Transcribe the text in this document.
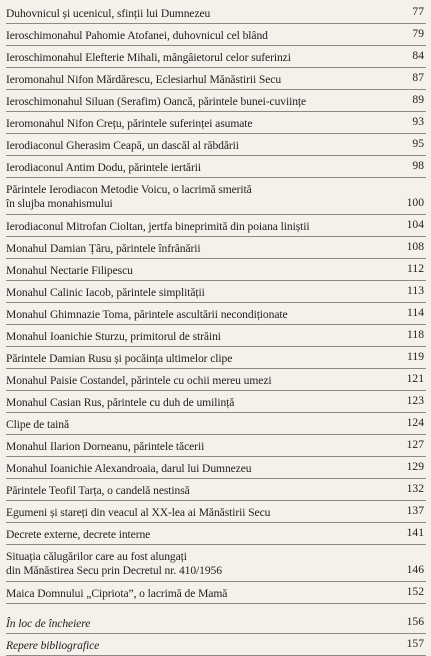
Duhovnicul și ucenicul, sfinții lui Dumnezeu	77
Ieroschimonahul Pahomie Atofanei, duhovnicul cel blând	79
Ieroschimonahul Elefterie Mihali, mângâietorul celor suferinzi	84
Ieromonahul Nifon Mărdărescu, Eclesiarhul Mănăstirii Secu	87
Ieroschimonahul Siluan (Serafim) Oancă, părintele bunei-cuviințe	89
Ieromonahul Nifon Crețu, părintele suferinței asumate	93
Ierodiaconul Gherasim Ceapă, un dascăl al răbdării	95
Ierodiaconul Antim Dodu, părintele iertării	98
Părintele Ierodiacon Metodie Voicu, o lacrimă smerită
în slujba monahismului	100
Ierodiaconul Mitrofan Cioltan, jertfa bineprimită din poiana liniștii	104
Monahul Damian Țâru, părintele înfrânării	108
Monahul Nectarie Filipescu	112
Monahul Calinic Iacob, părintele simplității	113
Monahul Ghimnazie Toma, părintele ascultării necondiționate	114
Monahul Ioanichie Sturzu, primitorul de străini	118
Părintele Damian Rusu și pocăința ultimelor clipe	119
Monahul Paisie Costandel, părintele cu ochii mereu umezi	121
Monahul Casian Rus, părintele cu duh de umilință	123
Clipe de taină	124
Monahul Ilarion Dorneanu, părintele tăcerii	127
Monahul Ioanichie Alexandroaia, darul lui Dumnezeu	129
Părintele Teofil Tarța, o candelă nestinsă	132
Egumeni și stareți din veacul al XX-lea ai Mănăstirii Secu	137
Decrete externe, decrete interne	141
Situația călugărilor care au fost alungați
din Mănăstirea Secu prin Decretul nr. 410/1956	146
Maica Domnului „Cipriota”, o lacrimă de Mamă	152
În loc de încheiere	156
Repere bibliografice	157
